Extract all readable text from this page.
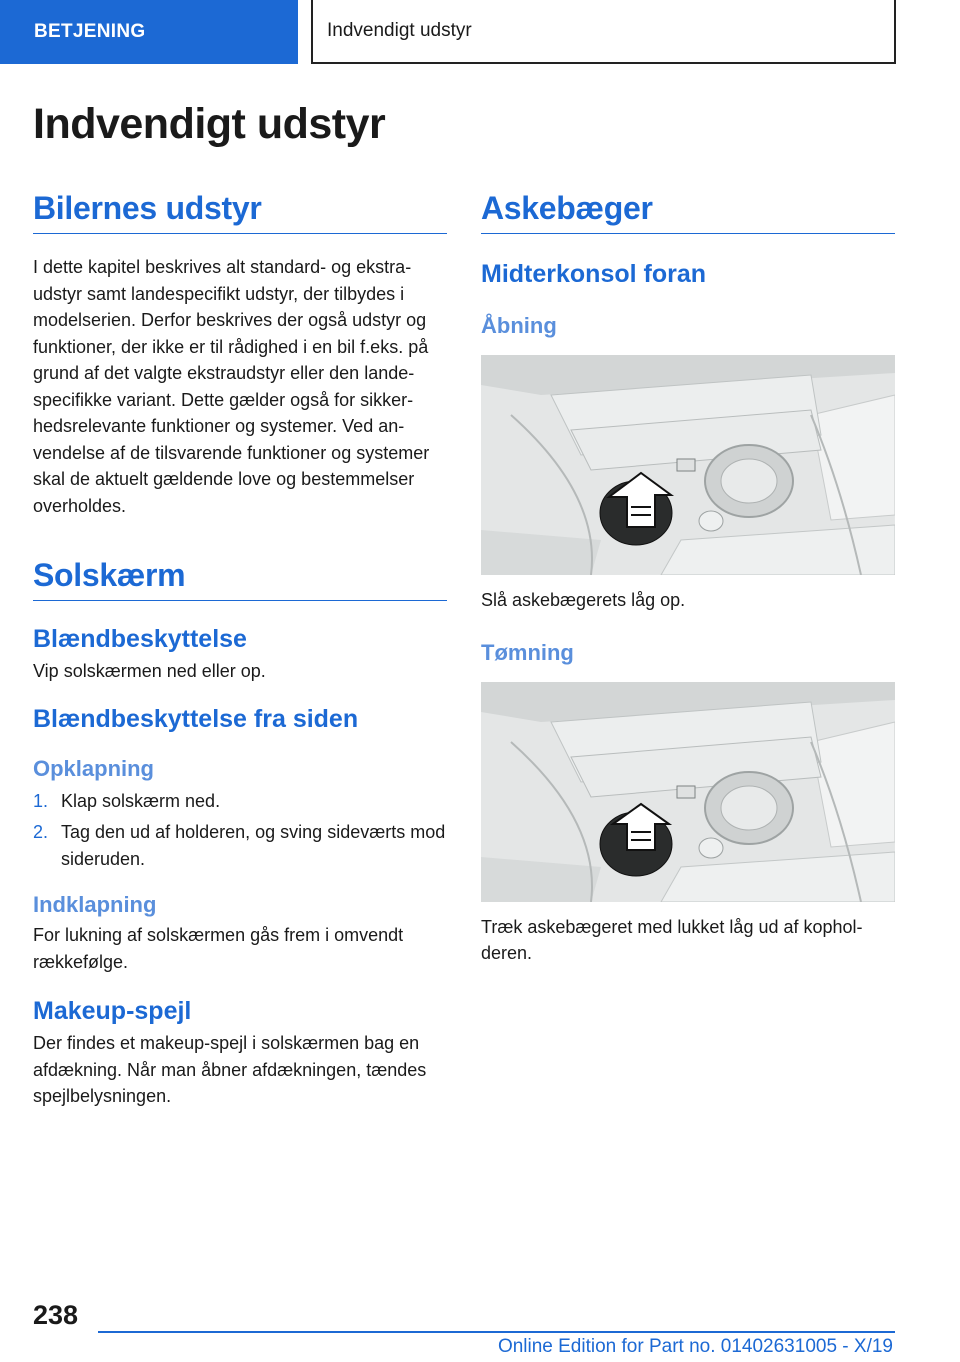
BETJENING	Indvendigt udstyr
Indvendigt udstyr
Bilernes udstyr

I dette kapitel beskrives alt standard- og ekstraudstyr samt landespecifikt udstyr, der tilbydes i modelserien. Derfor beskrives der også udstyr og funktioner, der ikke er til rådighed i en bil f.eks. på grund af det valgte ekstraudstyr eller den landespecifikke variant. Dette gælder også for sikkerhedsrelevante funktioner og systemer. Ved anvendelse af de tilsvarende funktioner og systemer skal de aktuelt gældende love og bestemmelser overholdes.

Solskærm
Blændbeskyttelse

Vip solskærmen ned eller op.

Blændbeskyttelse fra siden
Opklapning
1. Klap solskærm ned.
2. Tag den ud af holderen, og sving sideværts mod sideruden.
Indklapning

For lukning af solskærmen gås frem i omvendt rækkefølge.

Makeup-spejl

Der findes et makeup-spejl i solskærmen bag en afdækning. Når man åbner afdækningen, tændes spejlbelysningen.

Askebæger
Midterkonsol foran
Åbning

Slå askebægerets låg op.

Tømning

Træk askebægeret med lukket låg ud af kopholderen.

238
Online Edition for Part no. 01402631005 - X/19
